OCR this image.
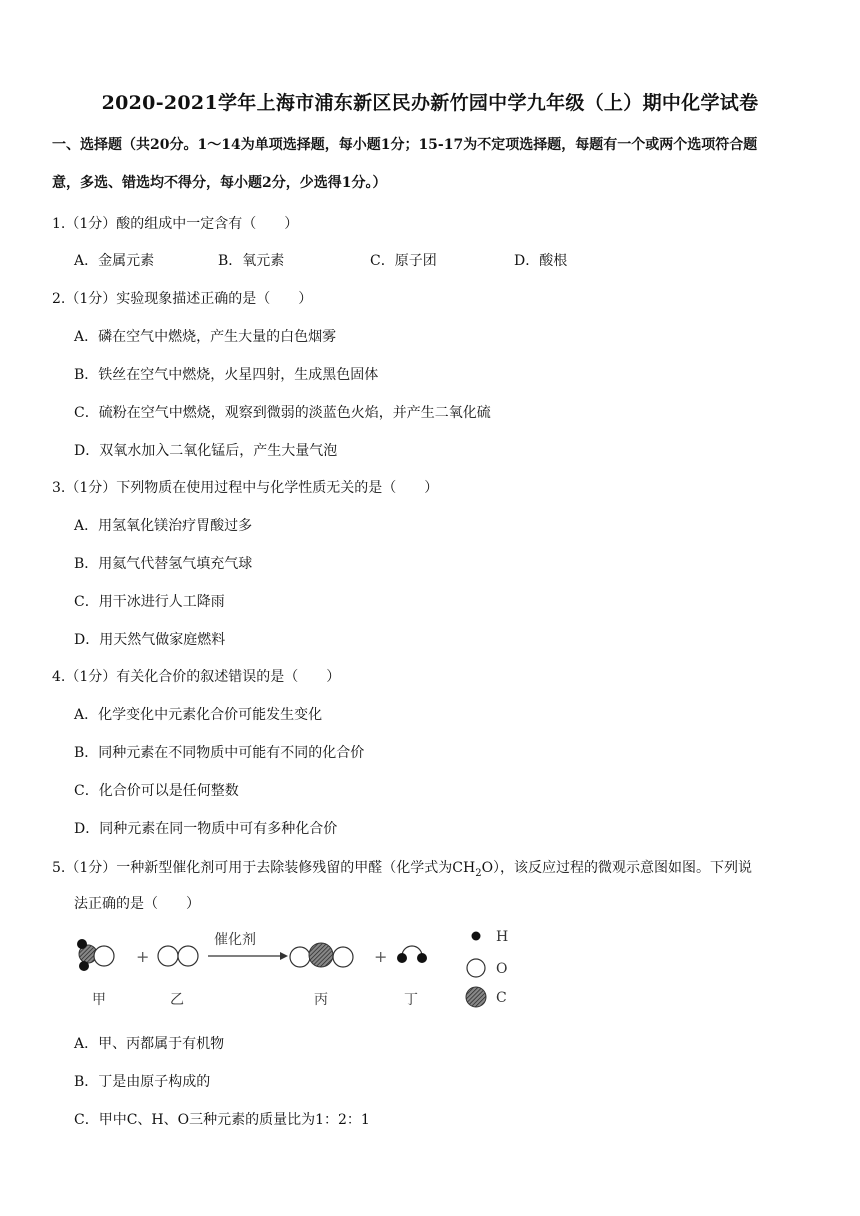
2020-2021学年上海市浦东新区民办新竹园中学九年级（上）期中化学试卷
一、选择题（共20分。1～14为单项选择题，每小题1分；15-17为不定项选择题，每题有一个或两个选项符合题
意，多选、错选均不得分，每小题2分，少选得1分。）
1.（1分）酸的组成中一定含有（　　）
A．金属元素	B．氧元素	C．原子团	D．酸根
2.（1分）实验现象描述正确的是（　　）
A．磷在空气中燃烧，产生大量的白色烟雾
B．铁丝在空气中燃烧，火星四射，生成黑色固体
C．硫粉在空气中燃烧，观察到微弱的淡蓝色火焰，并产生二氧化硫
D．双氧水加入二氧化锰后，产生大量气泡
3.（1分）下列物质在使用过程中与化学性质无关的是（　　）
A．用氢氧化镁治疗胃酸过多
B．用氦气代替氢气填充气球
C．用干冰进行人工降雨
D．用天然气做家庭燃料
4.（1分）有关化合价的叙述错误的是（　　）
A．化学变化中元素化合价可能发生变化
B．同种元素在不同物质中可能有不同的化合价
C．化合价可以是任何整数
D．同种元素在同一物质中可有多种化合价
5.（1分）一种新型催化剂可用于去除装修残留的甲醛（化学式为$CH_2O$），该反应过程的微观示意图如图。下列说
法正确的是（　　）
+
催化剂
+
H
O
C
甲	乙	丙	丁
A．甲、丙都属于有机物
B．丁是由原子构成的
C．甲中C、H、O三种元素的质量比为1：2：1
